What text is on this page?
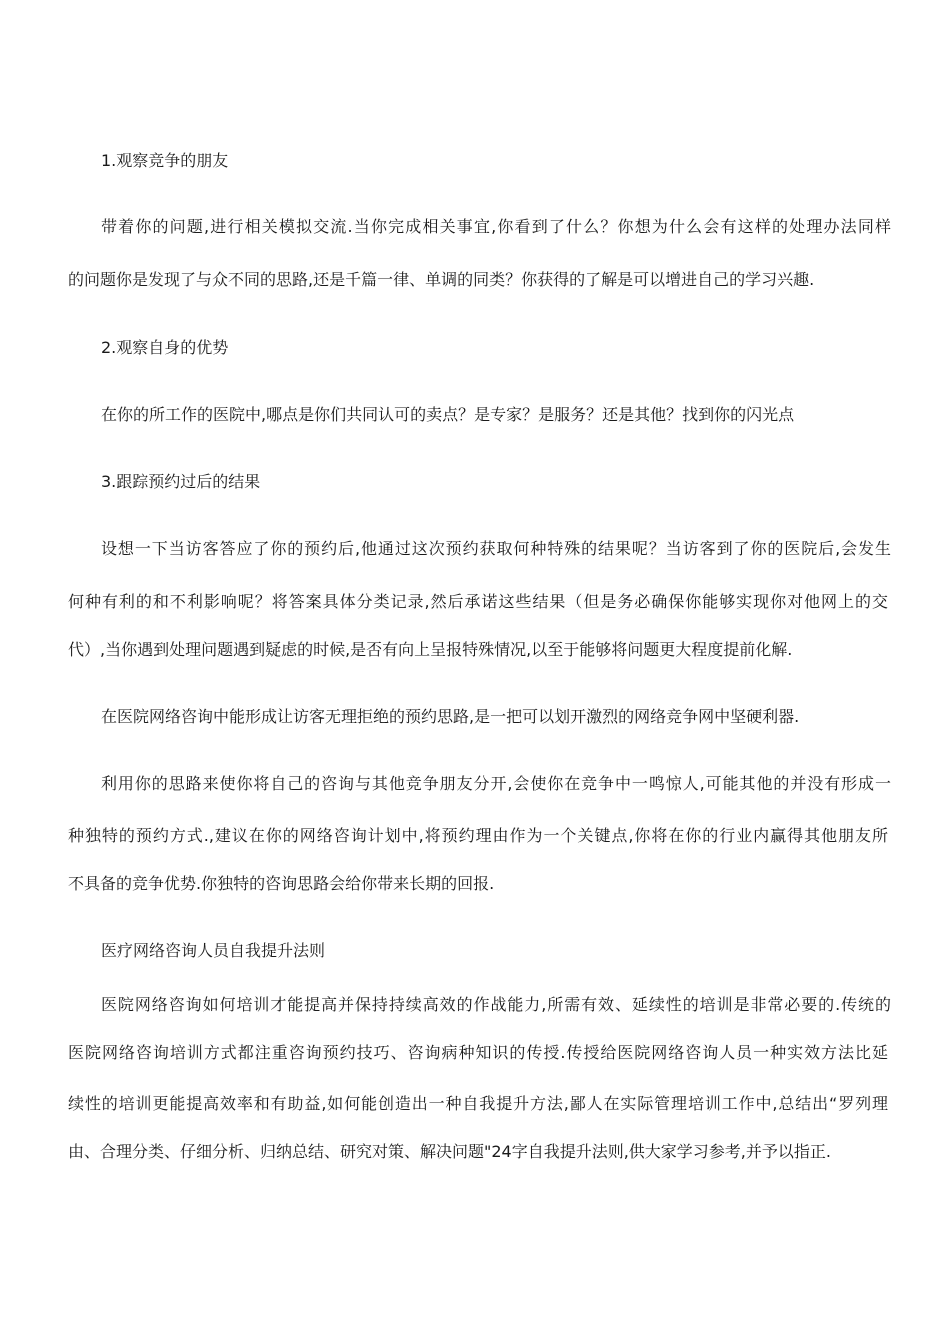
1.观察竞争的朋友

带着你的问题,进行相关模拟交流.当你完成相关事宜,你看到了什么？你想为什么会有这样的处理办法同样

的问题你是发现了与众不同的思路,还是千篇一律、单调的同类？你获得的了解是可以增进自己的学习兴趣.

2.观察自身的优势

在你的所工作的医院中,哪点是你们共同认可的卖点？是专家？是服务？还是其他？找到你的闪光点

3.跟踪预约过后的结果

设想一下当访客答应了你的预约后,他通过这次预约获取何种特殊的结果呢？当访客到了你的医院后,会发生

何种有利的和不利影响呢？将答案具体分类记录,然后承诺这些结果（但是务必确保你能够实现你对他网上的交

代）,当你遇到处理问题遇到疑虑的时候,是否有向上呈报特殊情况,以至于能够将问题更大程度提前化解.

在医院网络咨询中能形成让访客无理拒绝的预约思路,是一把可以划开激烈的网络竞争网中坚硬利器.

利用你的思路来使你将自己的咨询与其他竞争朋友分开,会使你在竞争中一鸣惊人,可能其他的并没有形成一

种独特的预约方式.,建议在你的网络咨询计划中,将预约理由作为一个关键点,你将在你的行业内赢得其他朋友所

不具备的竞争优势.你独特的咨询思路会给你带来长期的回报.

医疗网络咨询人员自我提升法则

医院网络咨询如何培训才能提高并保持持续高效的作战能力,所需有效、延续性的培训是非常必要的.传统的

医院网络咨询培训方式都注重咨询预约技巧、咨询病种知识的传授.传授给医院网络咨询人员一种实效方法比延

续性的培训更能提高效率和有助益,如何能创造出一种自我提升方法,鄙人在实际管理培训工作中,总结出“罗列理

由、合理分类、仔细分析、归纳总结、研究对策、解决问题"24字自我提升法则,供大家学习参考,并予以指正.
